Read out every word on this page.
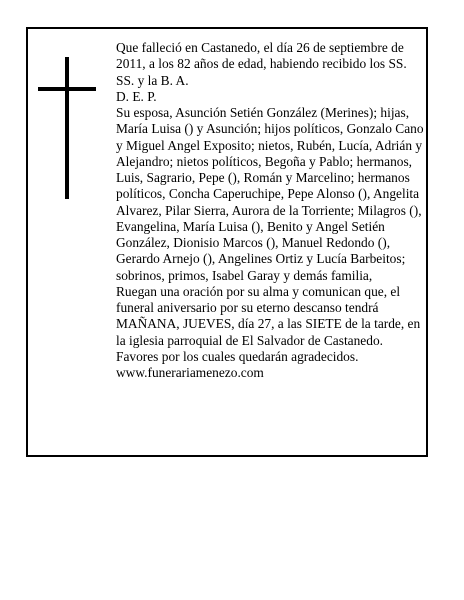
Que falleció en Castanedo, el día 26 de septiembre de 2011, a los 82 años de edad, habiendo recibido los SS. SS. y la B. A.

D. E. P.

Su esposa, Asunción Setién González (Merines); hijas, María Luisa () y Asunción; hijos políticos, Gonzalo Cano y Miguel Angel Exposito; nietos, Rubén, Lucía, Adrián y Alejandro; nietos políticos, Begoña y Pablo; hermanos, Luis, Sagrario, Pepe (), Román y Marcelino; hermanos políticos, Concha Caperuchipe, Pepe Alonso (), Angelita Alvarez, Pilar Sierra, Aurora de la Torriente; Milagros (), Evangelina, María Luisa (), Benito y Angel Setién González, Dionisio Marcos (), Manuel Redondo (), Gerardo Arnejo (), Angelines Ortiz y Lucía Barbeitos; sobrinos, primos, Isabel Garay y demás familia,

Ruegan una oración por su alma y comunican que, el funeral aniversario por su eterno descanso tendrá MAÑANA, JUEVES, día 27, a las SIETE de la tarde, en la iglesia parroquial de El Salvador de Castanedo. Favores por los cuales quedarán agradecidos.

www.funerariamenezo.com
